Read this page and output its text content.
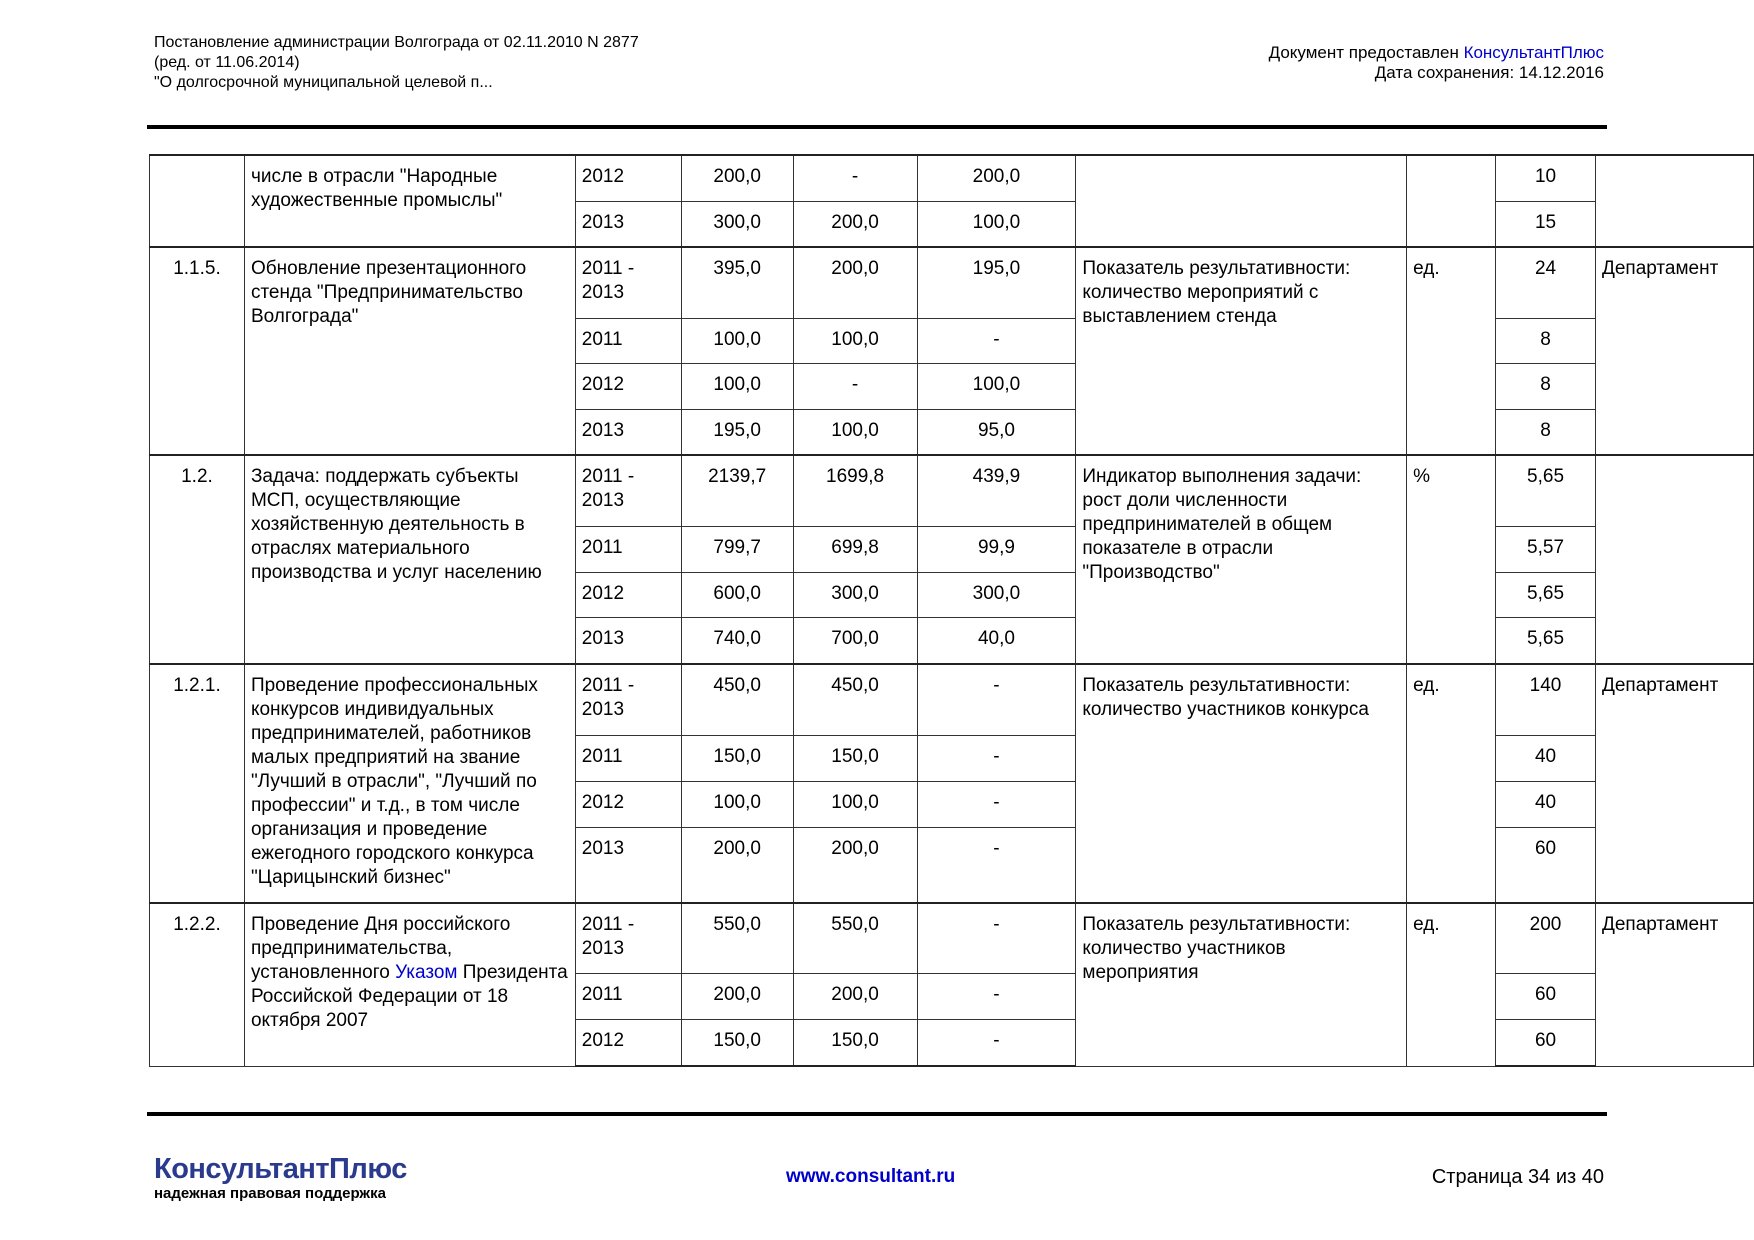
Постановление администрации Волгограда от 02.11.2010 N 2877
(ред. от 11.06.2014)
"О долгосрочной муниципальной целевой п...
Документ предоставлен КонсультантПлюс
Дата сохранения: 14.12.2016
	числе в отрасли "Народные художественные промыслы"	2012	200,0	-	200,0			10	
		2013	300,0	200,0	100,0			15	
1.1.5.	Обновление презентационного стенда "Предпринимательство Волгограда"	2011 - 2013	395,0	200,0	195,0	Показатель результативности: количество мероприятий с выставлением стенда	ед.	24	Департамент
		2011	100,0	100,0	-			8	
		2012	100,0	-	100,0			8	
		2013	195,0	100,0	95,0			8	
1.2.	Задача: поддержать субъекты МСП, осуществляющие хозяйственную деятельность в отраслях материального производства и услуг населению	2011 - 2013	2139,7	1699,8	439,9	Индикатор выполнения задачи: рост доли численности предпринимателей в общем показателе в отрасли "Производство"	%	5,65	
		2011	799,7	699,8	99,9			5,57	
		2012	600,0	300,0	300,0			5,65	
		2013	740,0	700,0	40,0			5,65	
1.2.1.	Проведение профессиональных конкурсов индивидуальных предпринимателей, работников малых предприятий на звание "Лучший в отрасли", "Лучший по профессии" и т.д., в том числе организация и проведение ежегодного городского конкурса "Царицынский бизнес"	2011 - 2013	450,0	450,0	-	Показатель результативности: количество участников конкурса	ед.	140	Департамент
		2011	150,0	150,0	-			40	
		2012	100,0	100,0	-			40	
		2013	200,0	200,0	-			60	
1.2.2.	Проведение Дня российского предпринимательства, установленного Указом Президента Российской Федерации от 18 октября 2007	2011 - 2013	550,0	550,0	-	Показатель результативности: количество участников мероприятия	ед.	200	Департамент
		2011	200,0	200,0	-			60	
		2012	150,0	150,0	-			60	
КонсультантПлюс
надежная правовая поддержка
www.consultant.ru	Страница 34 из 40
